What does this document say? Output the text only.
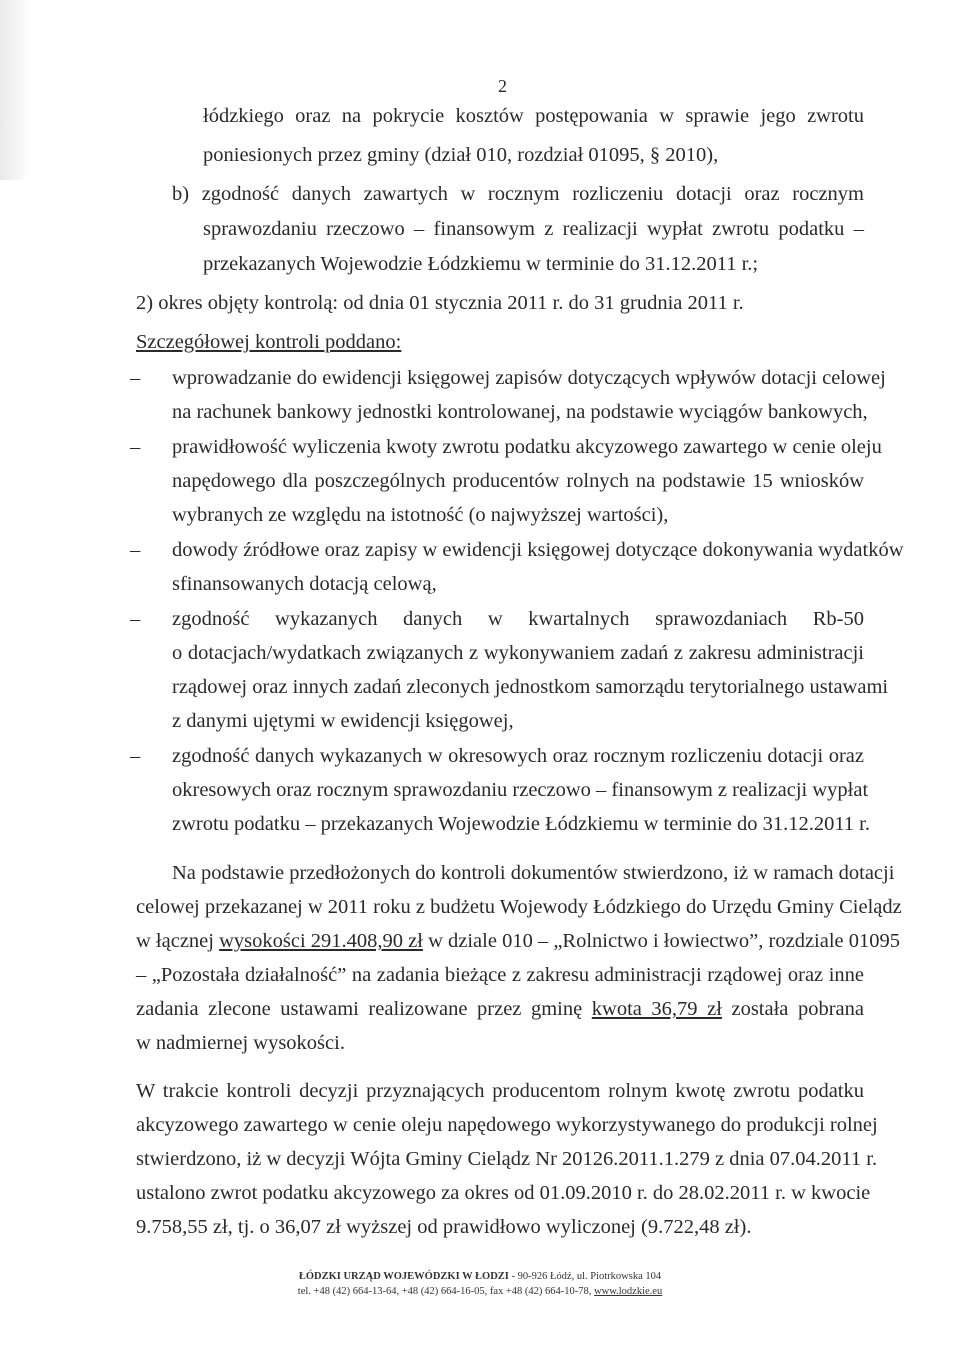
2
łódzkiego oraz na pokrycie kosztów postępowania w sprawie jego zwrotu
poniesionych przez gminy (dział 010, rozdział 01095, § 2010),
b) zgodność danych zawartych w rocznym rozliczeniu dotacji oraz rocznym
sprawozdaniu rzeczowo – finansowym z realizacji wypłat zwrotu podatku –
przekazanych Wojewodzie Łódzkiemu w terminie do 31.12.2011 r.;
2) okres objęty kontrolą: od dnia 01 stycznia 2011 r. do 31 grudnia 2011 r.
Szczegółowej kontroli poddano:
– wprowadzanie do ewidencji księgowej zapisów dotyczących wpływów dotacji celowej
na rachunek bankowy jednostki kontrolowanej, na podstawie wyciągów bankowych,
– prawidłowość wyliczenia kwoty zwrotu podatku akcyzowego zawartego w cenie oleju
napędowego dla poszczególnych producentów rolnych na podstawie 15 wniosków
wybranych ze względu na istotność (o najwyższej wartości),
– dowody źródłowe oraz zapisy w ewidencji księgowej dotyczące dokonywania wydatków
sfinansowanych dotacją celową,
– zgodność wykazanych danych w kwartalnych sprawozdaniach Rb-50
o dotacjach/wydatkach związanych z wykonywaniem zadań z zakresu administracji
rządowej oraz innych zadań zleconych jednostkom samorządu terytorialnego ustawami
z danymi ujętymi w ewidencji księgowej,
– zgodność danych wykazanych w okresowych oraz rocznym rozliczeniu dotacji oraz
okresowych oraz rocznym sprawozdaniu rzeczowo – finansowym z realizacji wypłat
zwrotu podatku – przekazanych Wojewodzie Łódzkiemu w terminie do 31.12.2011 r.
Na podstawie przedłożonych do kontroli dokumentów stwierdzono, iż w ramach dotacji
celowej przekazanej w 2011 roku z budżetu Wojewody Łódzkiego do Urzędu Gminy Cielądz
w łącznej wysokości 291.408,90 zł w dziale 010 – „Rolnictwo i łowiectwo”, rozdziale 01095
– „Pozostała działalność” na zadania bieżące z zakresu administracji rządowej oraz inne
zadania zlecone ustawami realizowane przez gminę kwota 36,79 zł została pobrana
w nadmiernej wysokości.
W trakcie kontroli decyzji przyznających producentom rolnym kwotę zwrotu podatku
akcyzowego zawartego w cenie oleju napędowego wykorzystywanego do produkcji rolnej
stwierdzono, iż w decyzji Wójta Gminy Cielądz Nr 20126.2011.1.279 z dnia 07.04.2011 r.
ustalono zwrot podatku akcyzowego za okres od 01.09.2010 r. do 28.02.2011 r. w kwocie
9.758,55 zł, tj. o 36,07 zł wyższej od prawidłowo wyliczonej (9.722,48 zł).
ŁÓDZKI URZĄD WOJEWÓDZKI W ŁODZI - 90-926 Łódź, ul. Piotrkowska 104
tel. +48 (42) 664-13-64, +48 (42) 664-16-05, fax +48 (42) 664-10-78, www.lodzkie.eu
